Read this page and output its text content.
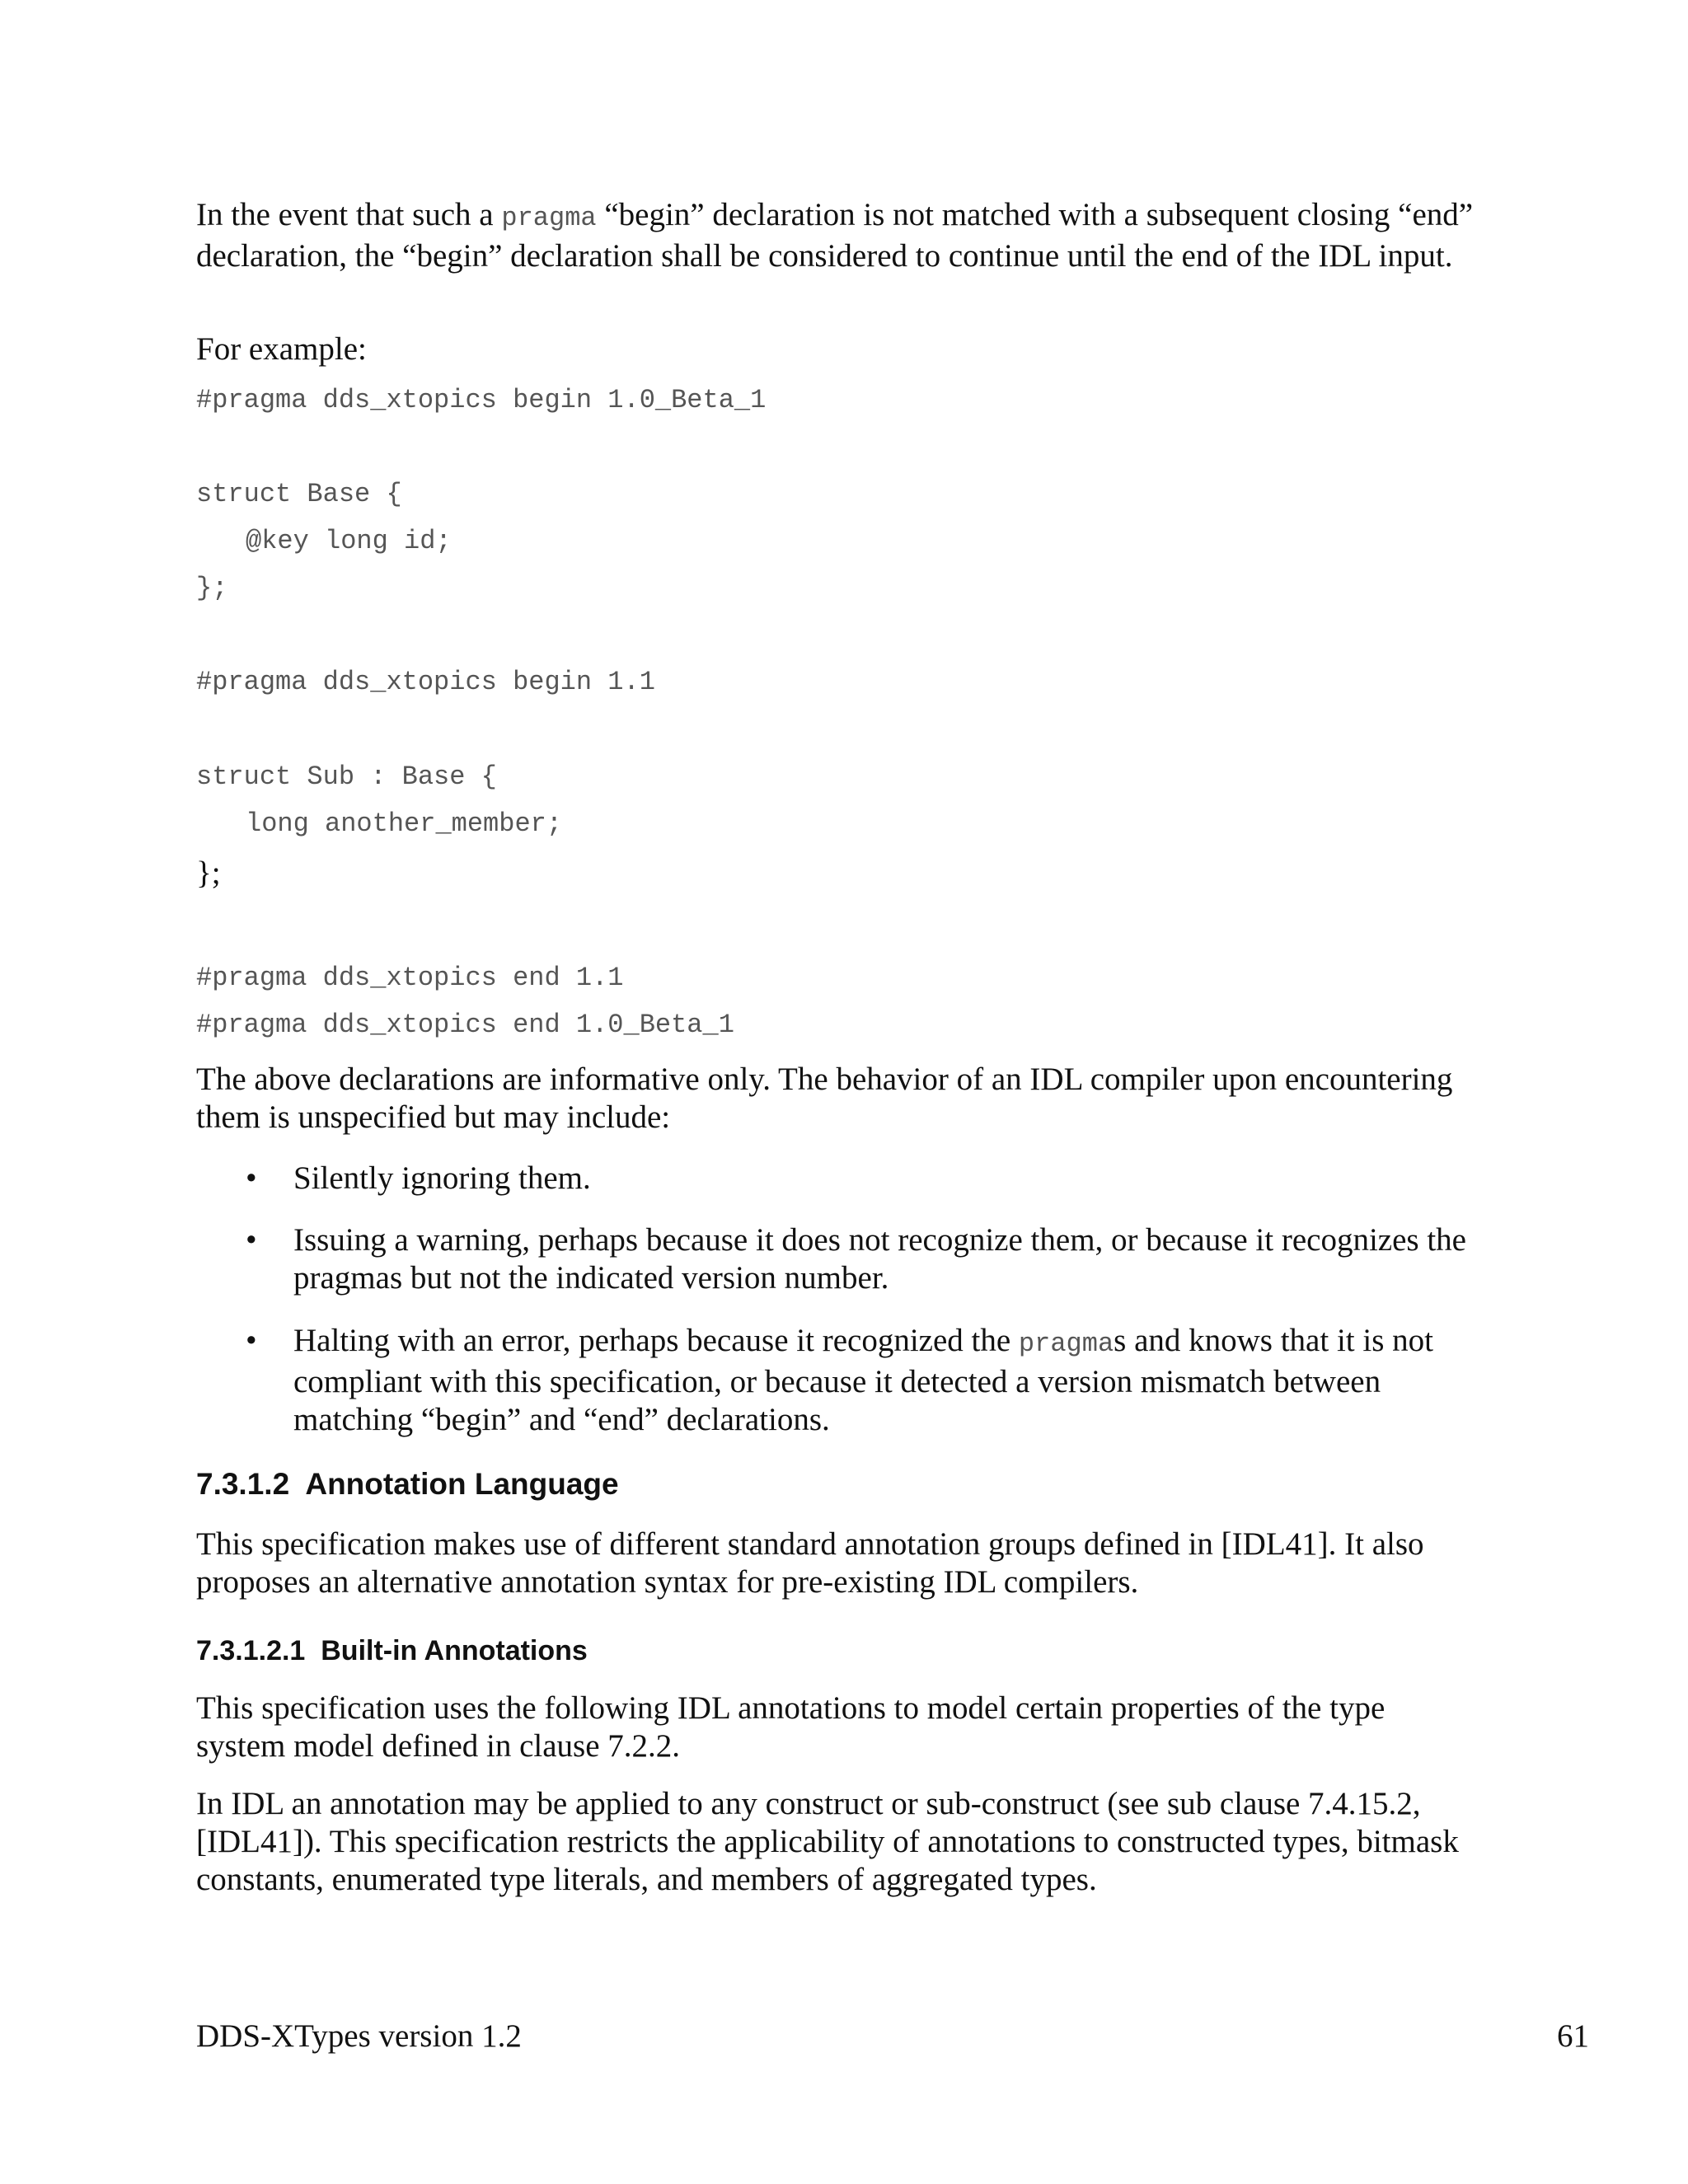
In the event that such a pragma “begin” declaration is not matched with a subsequent closing “end” declaration, the “begin” declaration shall be considered to continue until the end of the IDL input.

For example:

#pragma dds_xtopics begin 1.0_Beta_1
struct Base {
@key long id;
};
#pragma dds_xtopics begin 1.1
struct Sub : Base {
long another_member;

};

#pragma dds_xtopics end 1.1
#pragma dds_xtopics end 1.0_Beta_1

The above declarations are informative only. The behavior of an IDL compiler upon encountering them is unspecified but may include:

• Silently ignoring them.

• Issuing a warning, perhaps because it does not recognize them, or because it recognizes the pragmas but not the indicated version number.

• Halting with an error, perhaps because it recognized the pragmas and knows that it is not compliant with this specification, or because it detected a version mismatch between matching “begin” and “end” declarations.

7.3.1.2 Annotation Language

This specification makes use of different standard annotation groups defined in [IDL41]. It also proposes an alternative annotation syntax for pre-existing IDL compilers.

7.3.1.2.1 Built-in Annotations

This specification uses the following IDL annotations to model certain properties of the type system model defined in clause 7.2.2.

In IDL an annotation may be applied to any construct or sub-construct (see sub clause 7.4.15.2, [IDL41]). This specification restricts the applicability of annotations to constructed types, bitmask constants, enumerated type literals, and members of aggregated types.

DDS-XTypes version 1.2	61
